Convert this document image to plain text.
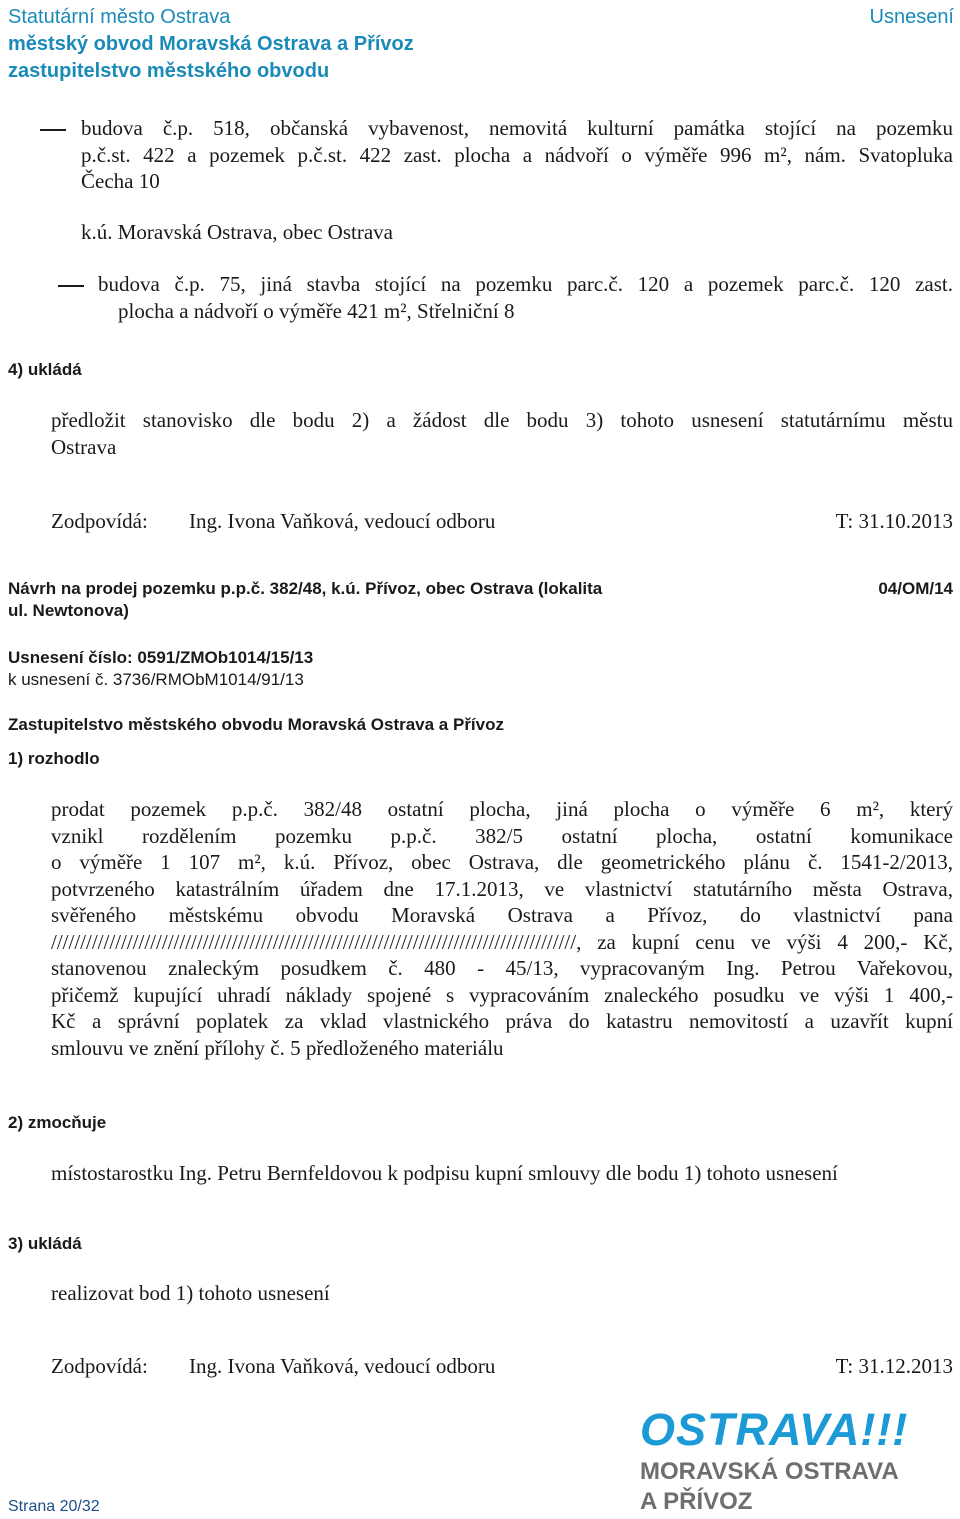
Statutární město Ostrava	Usnesení
městský obvod Moravská Ostrava a Přívoz
zastupitelstvo městského obvodu
budova č.p. 518, občanská vybavenost, nemovitá kulturní památka stojící na pozemku
p.č.st. 422 a pozemek p.č.st. 422 zast. plocha a nádvoří o výměře 996 m², nám. Svatopluka
Čecha 10
k.ú. Moravská Ostrava, obec Ostrava
budova č.p. 75, jiná stavba stojící na pozemku parc.č. 120 a pozemek parc.č. 120 zast.
plocha a nádvoří o výměře 421 m², Střelniční 8
4) ukládá
předložit stanovisko dle bodu 2) a žádost dle bodu 3) tohoto usnesení statutárnímu městu
Ostrava
Zodpovídá: Ing. Ivona Vaňková, vedoucí odboru	T: 31.10.2013
Návrh na prodej pozemku p.p.č. 382/48, k.ú. Přívoz, obec Ostrava (lokalita
ul. Newtonova)
04/OM/14
Usnesení číslo: 0591/ZMOb1014/15/13
k usnesení č. 3736/RMObM1014/91/13
Zastupitelstvo městského obvodu Moravská Ostrava a Přívoz
1) rozhodlo
prodat pozemek p.p.č. 382/48 ostatní plocha, jiná plocha o výměře 6 m², který
vznikl rozdělením pozemku p.p.č. 382/5 ostatní plocha, ostatní komunikace
o výměře 1 107 m², k.ú. Přívoz, obec Ostrava, dle geometrického plánu č. 1541-2/2013,
potvrzeného katastrálním úřadem dne 17.1.2013, ve vlastnictví statutárního města Ostrava,
svěřeného městskému obvodu Moravská Ostrava a Přívoz, do vlastnictví pana
//////////////////////////////////////////////////////////////////////////////////////////, za kupní cenu ve výši 4 200,- Kč,
stanovenou znaleckým posudkem č. 480 - 45/13, vypracovaným Ing. Petrou Vařekovou,
přičemž kupující uhradí náklady spojené s vypracováním znaleckého posudku ve výši 1 400,-
Kč a správní poplatek za vklad vlastnického práva do katastru nemovitostí a uzavřít kupní
smlouvu ve znění přílohy č. 5 předloženého materiálu
2) zmocňuje
místostarostku Ing. Petru Bernfeldovou k podpisu kupní smlouvy dle bodu 1) tohoto usnesení
3) ukládá
realizovat bod 1) tohoto usnesení
Zodpovídá: Ing. Ivona Vaňková, vedoucí odboru	T: 31.12.2013
Strana 20/32
OSTRAVA!!!
MORAVSKÁ OSTRAVA
A PŘÍVOZ
